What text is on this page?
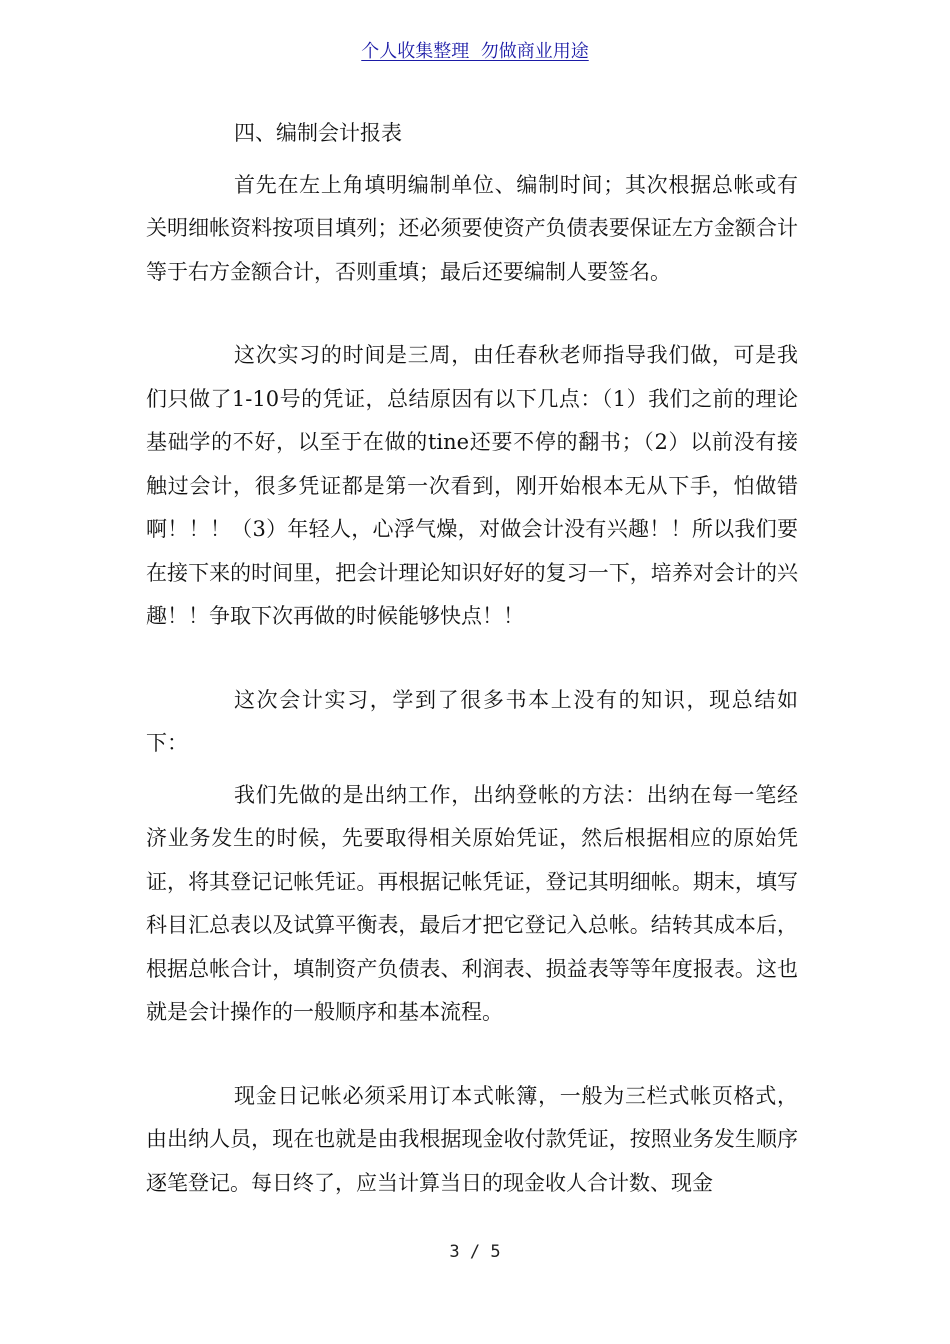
个人收集整理  勿做商业用途

四、编制会计报表

首先在左上角填明编制单位、编制时间；其次根据总帐或有关明细帐资料按项目填列；还必须要使资产负债表要保证左方金额合计等于右方金额合计，否则重填；最后还要编制人要签名。

这次实习的时间是三周，由任春秋老师指导我们做，可是我们只做了1-10号的凭证，总结原因有以下几点：（1）我们之前的理论基础学的不好，以至于在做的tine还要不停的翻书；（2）以前没有接触过会计，很多凭证都是第一次看到，刚开始根本无从下手，怕做错啊！！！（3）年轻人，心浮气燥，对做会计没有兴趣！！所以我们要在接下来的时间里，把会计理论知识好好的复习一下，培养对会计的兴趣！！争取下次再做的时候能够快点！！

这次会计实习，学到了很多书本上没有的知识，现总结如下：

我们先做的是出纳工作，出纳登帐的方法：出纳在每一笔经济业务发生的时候，先要取得相关原始凭证，然后根据相应的原始凭证，将其登记记帐凭证。再根据记帐凭证，登记其明细帐。期末，填写科目汇总表以及试算平衡表，最后才把它登记入总帐。结转其成本后，根据总帐合计，填制资产负债表、利润表、损益表等等年度报表。这也就是会计操作的一般顺序和基本流程。

现金日记帐必须采用订本式帐簿，一般为三栏式帐页格式，由出纳人员，现在也就是由我根据现金收付款凭证，按照业务发生顺序逐笔登记。每日终了，应当计算当日的现金收人合计数、现金

3 / 5
